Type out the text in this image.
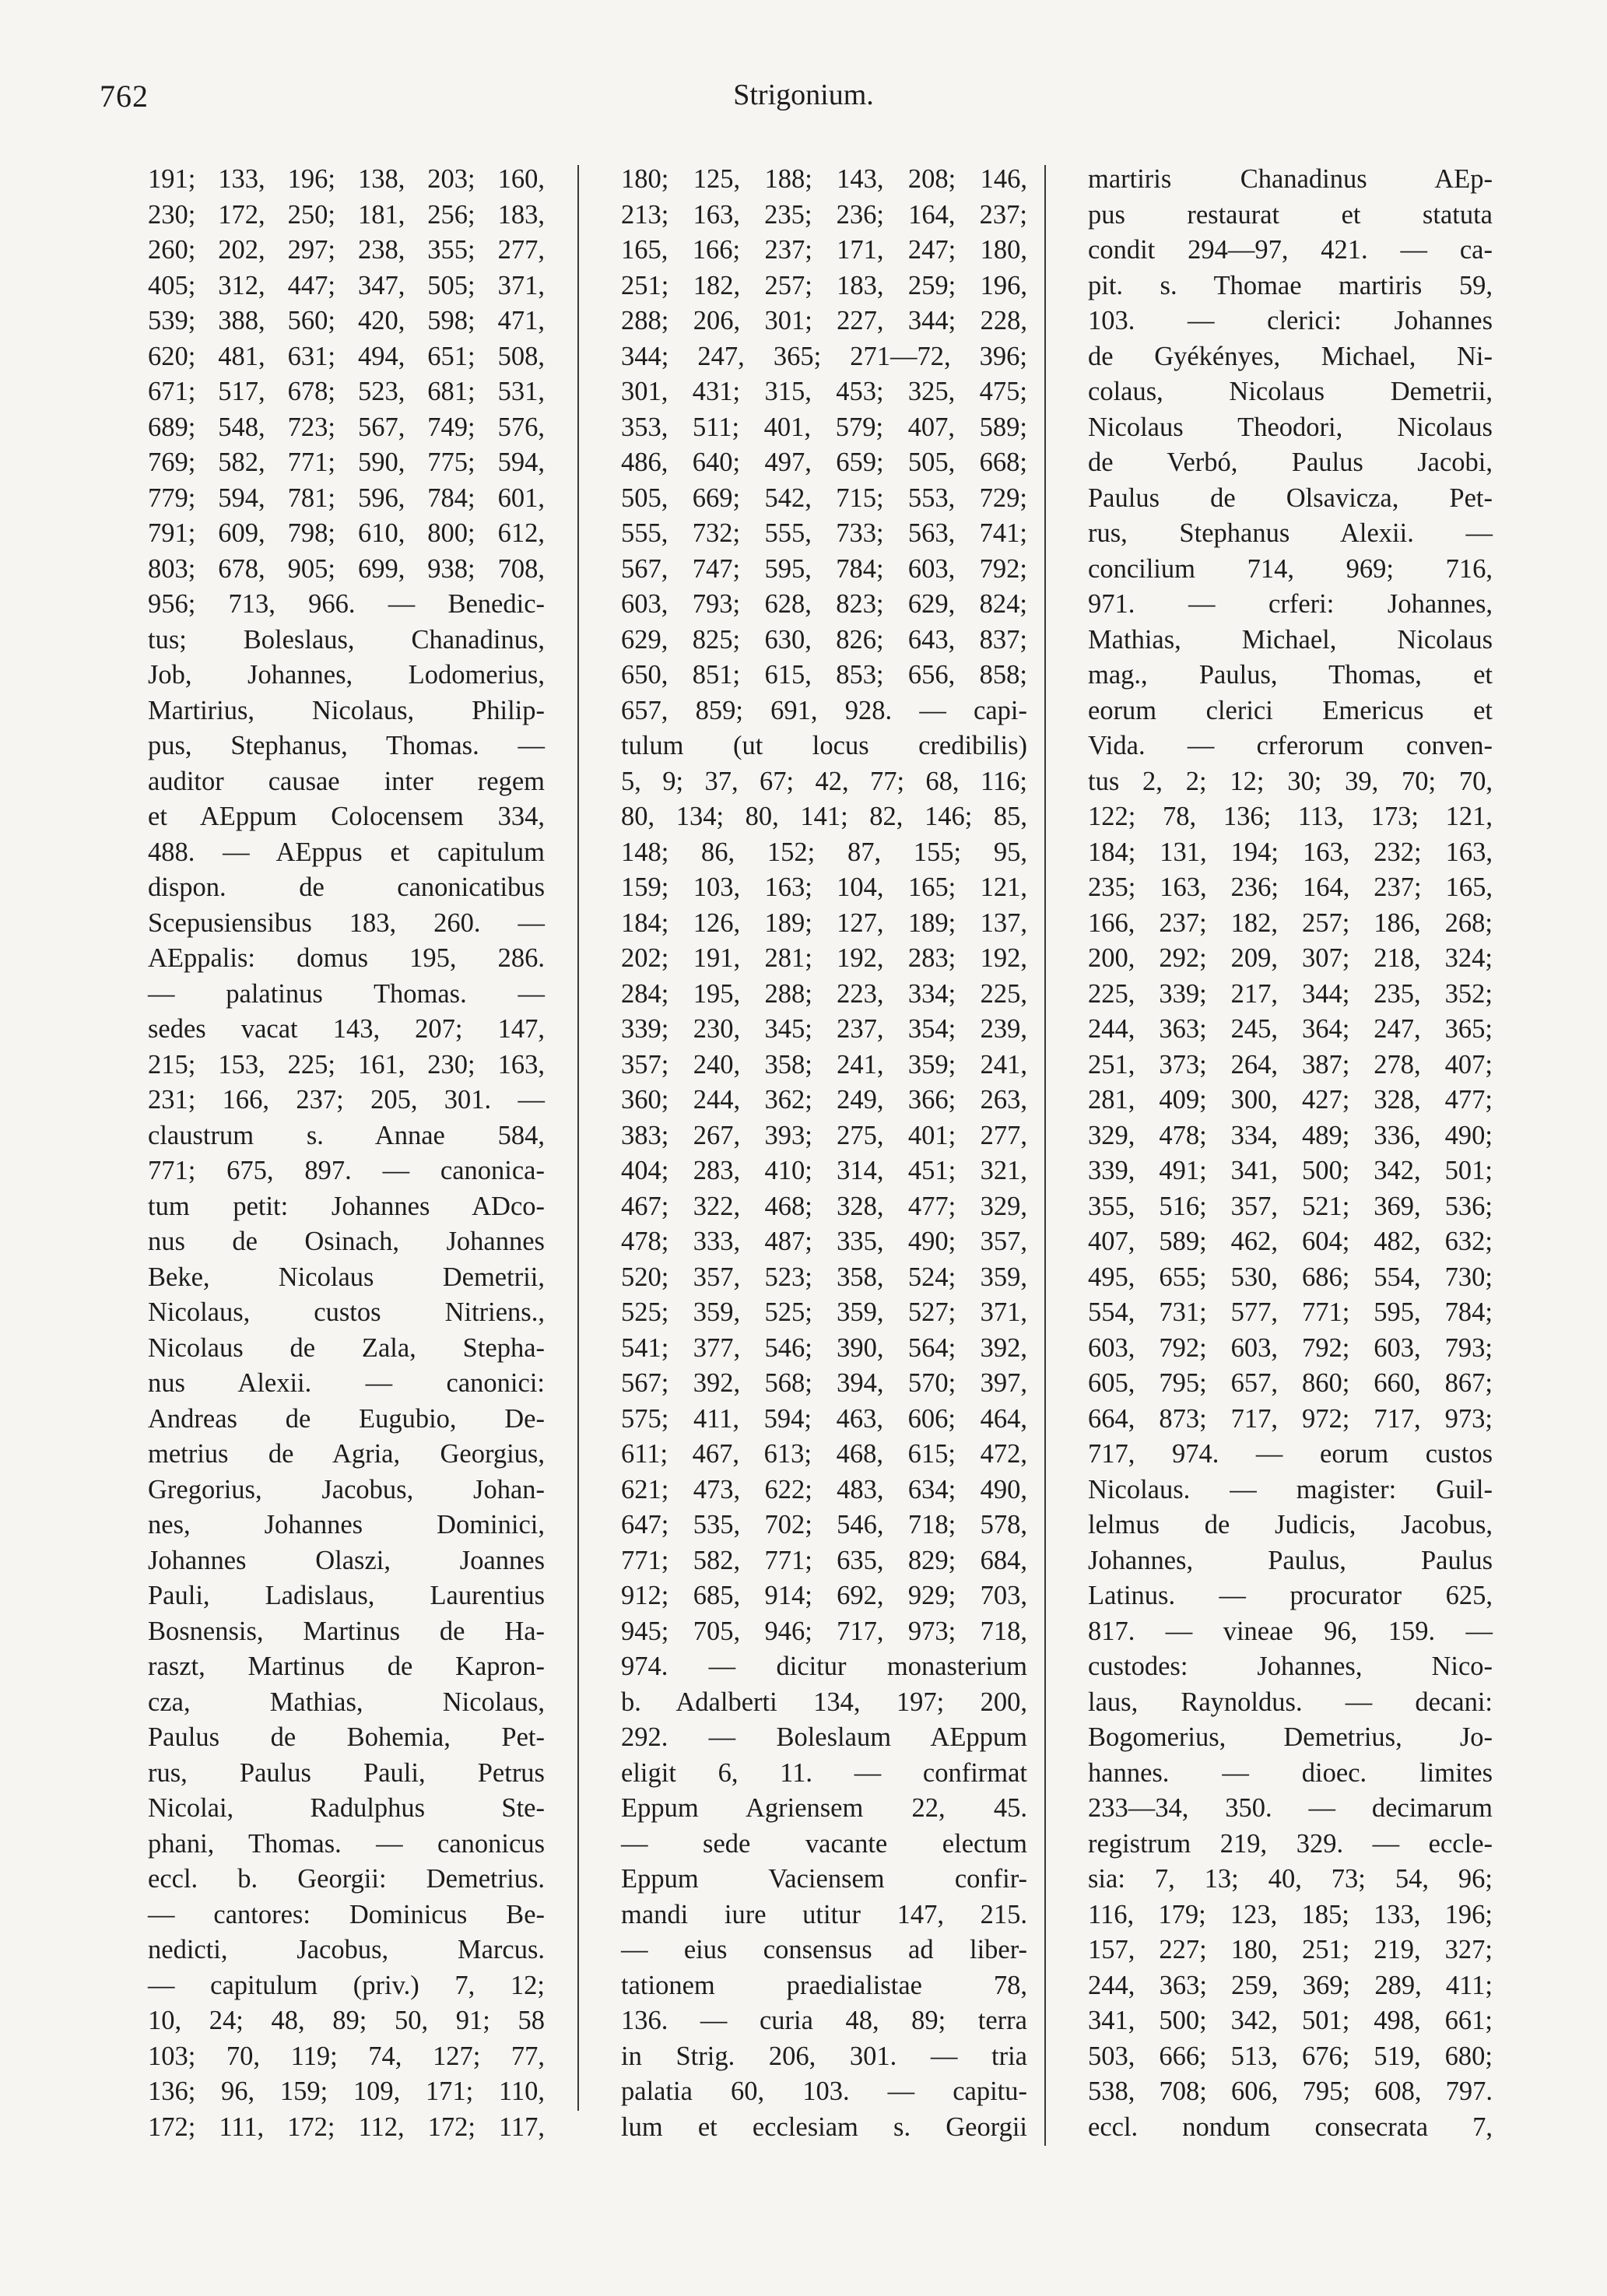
762	Strigonium.
191; 133, 196; 138, 203; 160,
230; 172, 250; 181, 256; 183,
260; 202, 297; 238, 355; 277,
405; 312, 447; 347, 505; 371,
539; 388, 560; 420, 598; 471,
620; 481, 631; 494, 651; 508,
671; 517, 678; 523, 681; 531,
689; 548, 723; 567, 749; 576,
769; 582, 771; 590, 775; 594,
779; 594, 781; 596, 784; 601,
791; 609, 798; 610, 800; 612,
803; 678, 905; 699, 938; 708,
956; 713, 966. — Benedic-
tus; Boleslaus, Chanadinus,
Job, Johannes, Lodomerius,
Martirius, Nicolaus, Philip-
pus, Stephanus, Thomas. —
auditor causae inter regem
et AEppum Colocensem 334,
488. — AEppus et capitulum
dispon. de canonicatibus
Scepusiensibus 183, 260. —
AEppalis: domus 195, 286.
— palatinus Thomas. —
sedes vacat 143, 207; 147,
215; 153, 225; 161, 230; 163,
231; 166, 237; 205, 301. —
claustrum s. Annae 584,
771; 675, 897. — canonica-
tum petit: Johannes ADco-
nus de Osinach, Johannes
Beke, Nicolaus Demetrii,
Nicolaus, custos Nitriens.,
Nicolaus de Zala, Stepha-
nus Alexii. — canonici:
Andreas de Eugubio, De-
metrius de Agria, Georgius,
Gregorius, Jacobus, Johan-
nes, Johannes Dominici,
Johannes Olaszi, Joannes
Pauli, Ladislaus, Laurentius
Bosnensis, Martinus de Ha-
raszt, Martinus de Kapron-
cza, Mathias, Nicolaus,
Paulus de Bohemia, Pet-
rus, Paulus Pauli, Petrus
Nicolai, Radulphus Ste-
phani, Thomas. — canonicus
eccl. b. Georgii: Demetrius.
— cantores: Dominicus Be-
nedicti, Jacobus, Marcus.
— capitulum (priv.) 7, 12;
10, 24; 48, 89; 50, 91; 58
103; 70, 119; 74, 127; 77,
136; 96, 159; 109, 171; 110,
172; 111, 172; 112, 172; 117,
180; 125, 188; 143, 208; 146,
213; 163, 235; 236; 164, 237;
165, 166; 237; 171, 247; 180,
251; 182, 257; 183, 259; 196,
288; 206, 301; 227, 344; 228,
344; 247, 365; 271—72, 396;
301, 431; 315, 453; 325, 475;
353, 511; 401, 579; 407, 589;
486, 640; 497, 659; 505, 668;
505, 669; 542, 715; 553, 729;
555, 732; 555, 733; 563, 741;
567, 747; 595, 784; 603, 792;
603, 793; 628, 823; 629, 824;
629, 825; 630, 826; 643, 837;
650, 851; 615, 853; 656, 858;
657, 859; 691, 928. — capi-
tulum (ut locus credibilis)
5, 9; 37, 67; 42, 77; 68, 116;
80, 134; 80, 141; 82, 146; 85,
148; 86, 152; 87, 155; 95,
159; 103, 163; 104, 165; 121,
184; 126, 189; 127, 189; 137,
202; 191, 281; 192, 283; 192,
284; 195, 288; 223, 334; 225,
339; 230, 345; 237, 354; 239,
357; 240, 358; 241, 359; 241,
360; 244, 362; 249, 366; 263,
383; 267, 393; 275, 401; 277,
404; 283, 410; 314, 451; 321,
467; 322, 468; 328, 477; 329,
478; 333, 487; 335, 490; 357,
520; 357, 523; 358, 524; 359,
525; 359, 525; 359, 527; 371,
541; 377, 546; 390, 564; 392,
567; 392, 568; 394, 570; 397,
575; 411, 594; 463, 606; 464,
611; 467, 613; 468, 615; 472,
621; 473, 622; 483, 634; 490,
647; 535, 702; 546, 718; 578,
771; 582, 771; 635, 829; 684,
912; 685, 914; 692, 929; 703,
945; 705, 946; 717, 973; 718,
974. — dicitur monasterium
b. Adalberti 134, 197; 200,
292. — Boleslaum AEppum
eligit 6, 11. — confirmat
Eppum Agriensem 22, 45.
— sede vacante electum
Eppum Vaciensem confir-
mandi iure utitur 147, 215.
— eius consensus ad liber-
tationem praedialistae 78,
136. — curia 48, 89; terra
in Strig. 206, 301. — tria
palatia 60, 103. — capitu-
lum et ecclesiam s. Georgii
martiris Chanadinus AEp-
pus restaurat et statuta
condit 294—97, 421. — ca-
pit. s. Thomae martiris 59,
103. — clerici: Johannes
de Gyékényes, Michael, Ni-
colaus, Nicolaus Demetrii,
Nicolaus Theodori, Nicolaus
de Verbó, Paulus Jacobi,
Paulus de Olsavicza, Pet-
rus, Stephanus Alexii. —
concilium 714, 969; 716,
971. — crferi: Johannes,
Mathias, Michael, Nicolaus
mag., Paulus, Thomas, et
eorum clerici Emericus et
Vida. — crferorum conven-
tus 2, 2; 12; 30; 39, 70; 70,
122; 78, 136; 113, 173; 121,
184; 131, 194; 163, 232; 163,
235; 163, 236; 164, 237; 165,
166, 237; 182, 257; 186, 268;
200, 292; 209, 307; 218, 324;
225, 339; 217, 344; 235, 352;
244, 363; 245, 364; 247, 365;
251, 373; 264, 387; 278, 407;
281, 409; 300, 427; 328, 477;
329, 478; 334, 489; 336, 490;
339, 491; 341, 500; 342, 501;
355, 516; 357, 521; 369, 536;
407, 589; 462, 604; 482, 632;
495, 655; 530, 686; 554, 730;
554, 731; 577, 771; 595, 784;
603, 792; 603, 792; 603, 793;
605, 795; 657, 860; 660, 867;
664, 873; 717, 972; 717, 973;
717, 974. — eorum custos
Nicolaus. — magister: Guil-
lelmus de Judicis, Jacobus,
Johannes, Paulus, Paulus
Latinus. — procurator 625,
817. — vineae 96, 159. —
custodes: Johannes, Nico-
laus, Raynoldus. — decani:
Bogomerius, Demetrius, Jo-
hannes. — dioec. limites
233—34, 350. — decimarum
registrum 219, 329. — eccle-
sia: 7, 13; 40, 73; 54, 96;
116, 179; 123, 185; 133, 196;
157, 227; 180, 251; 219, 327;
244, 363; 259, 369; 289, 411;
341, 500; 342, 501; 498, 661;
503, 666; 513, 676; 519, 680;
538, 708; 606, 795; 608, 797.
eccl. nondum consecrata 7,
